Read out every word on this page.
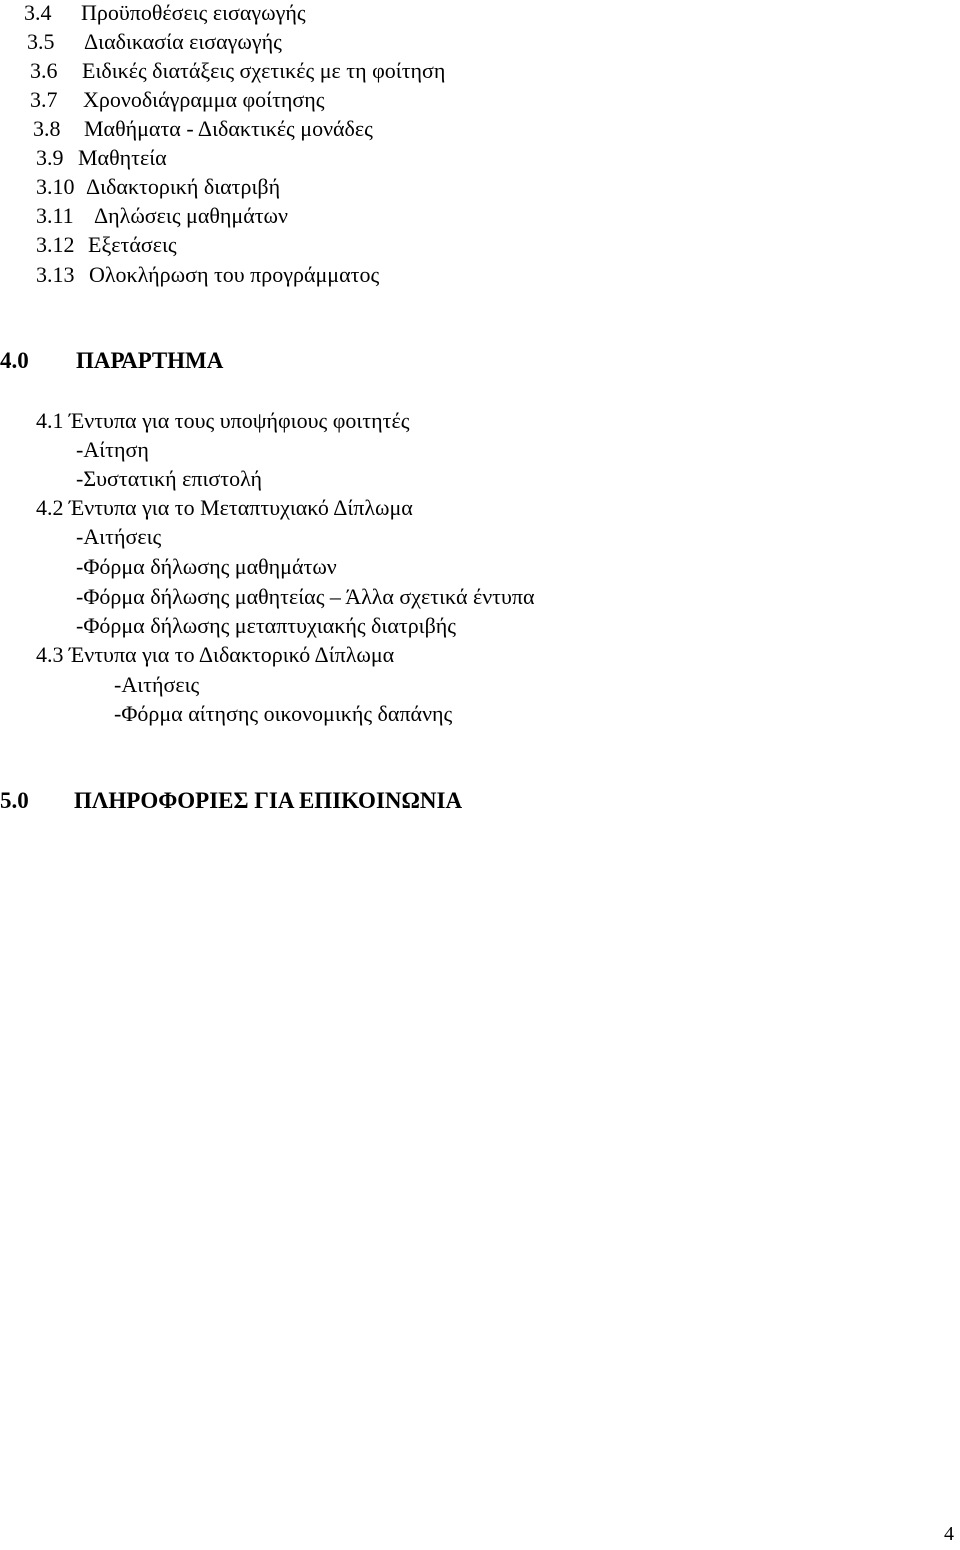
3.4 Προϋποθέσεις εισαγωγής
3.5 Διαδικασία εισαγωγής
3.6 Ειδικές διατάξεις σχετικές με τη φοίτηση
3.7 Χρονοδιάγραμμα φοίτησης
3.8 Μαθήματα - Διδακτικές μονάδες
3.9 Μαθητεία
3.10 Διδακτορική διατριβή
3.11 Δηλώσεις μαθημάτων
3.12 Εξετάσεις
3.13 Ολοκλήρωση του προγράμματος
4.0 ΠΑΡΑΡΤΗΜΑ
4.1 Έντυπα για τους υποψήφιους φοιτητές
-Αίτηση
-Συστατική επιστολή
4.2 Έντυπα για το Μεταπτυχιακό Δίπλωμα
-Αιτήσεις
-Φόρμα δήλωσης μαθημάτων
-Φόρμα δήλωσης μαθητείας – Άλλα σχετικά έντυπα
-Φόρμα δήλωσης μεταπτυχιακής διατριβής
4.3 Έντυπα για το Διδακτορικό Δίπλωμα
-Αιτήσεις
-Φόρμα αίτησης οικονομικής δαπάνης
5.0 ΠΛΗΡΟΦΟΡΙΕΣ ΓΙΑ ΕΠΙΚΟΙΝΩΝΙΑ
4
